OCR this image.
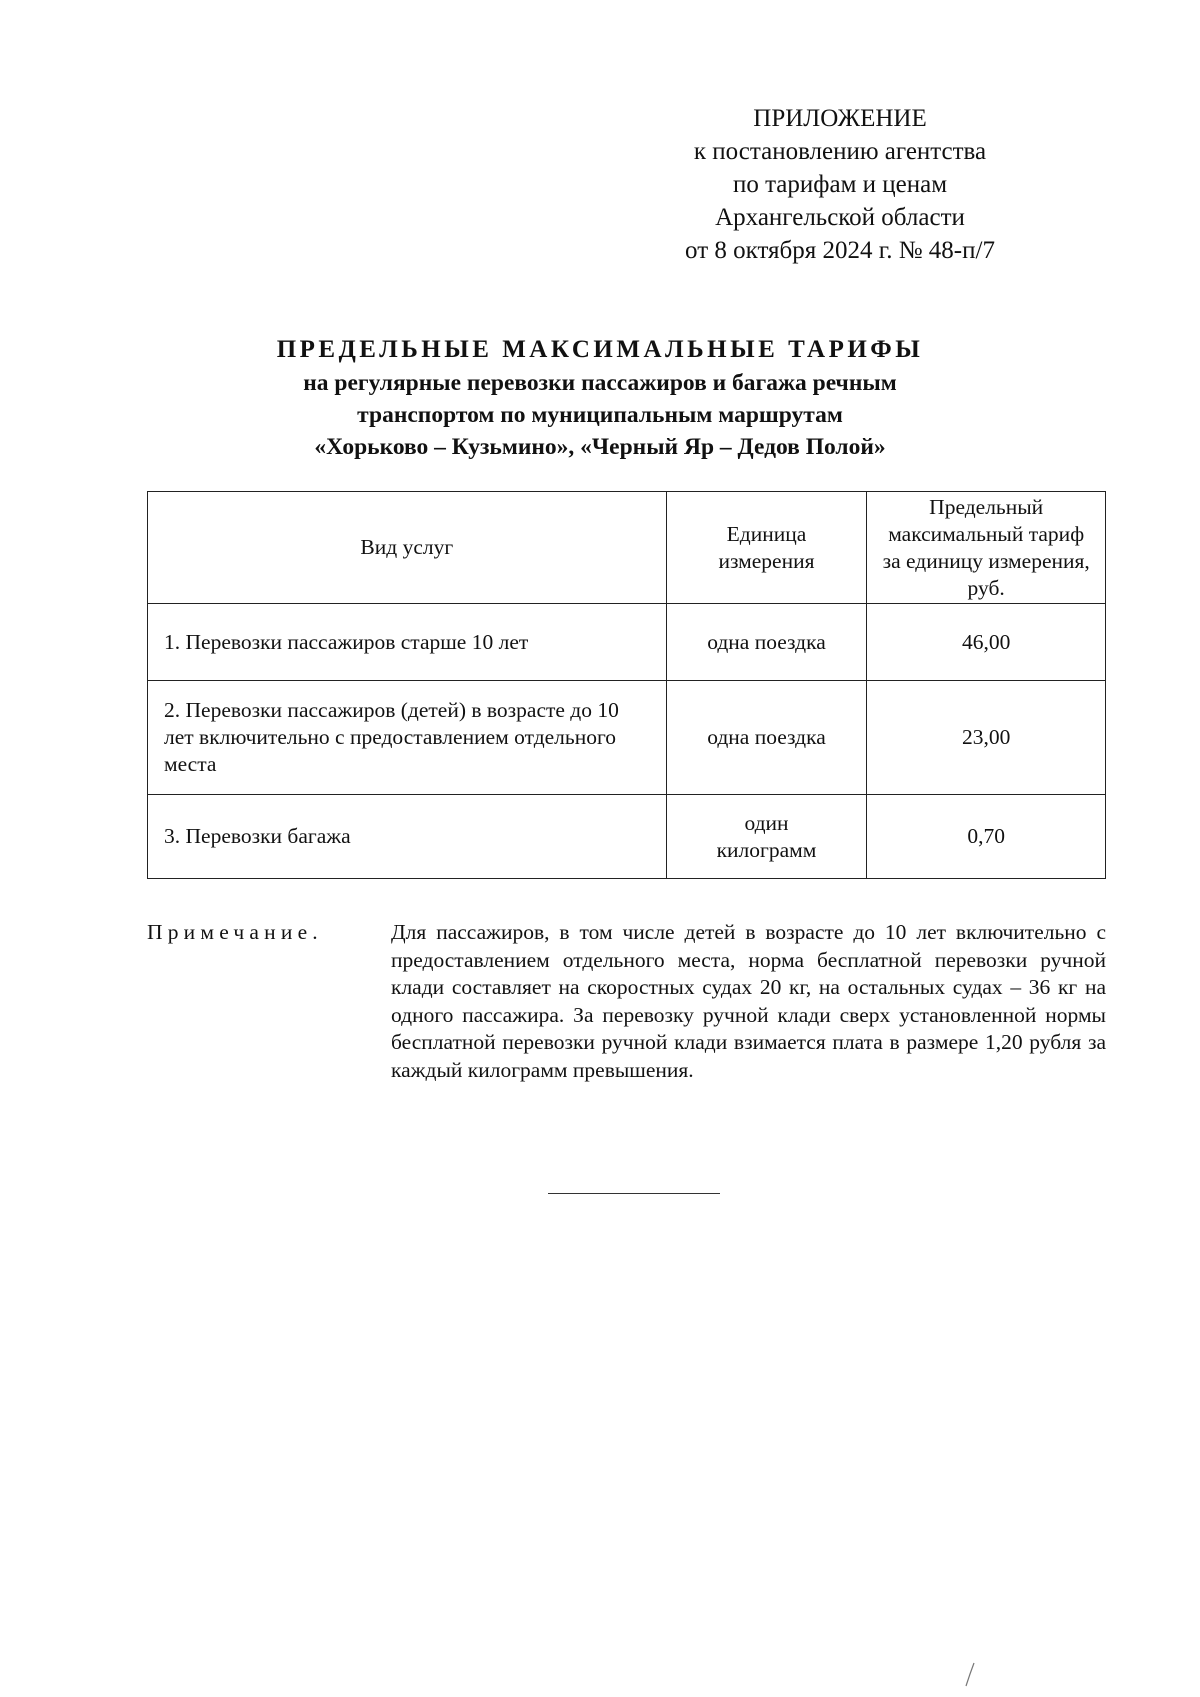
ПРИЛОЖЕНИЕ
к постановлению агентства
по тарифам и ценам
Архангельской области
от 8 октября 2024 г. № 48-п/7
ПРЕДЕЛЬНЫЕ МАКСИМАЛЬНЫЕ ТАРИФЫ
на регулярные перевозки пассажиров и багажа речным
транспортом по муниципальным маршрутам
«Хорьково – Кузьмино», «Черный Яр – Дедов Полой»
Вид услуг	Единица измерения	Предельный максимальный тариф за единицу измерения, руб.
1. Перевозки пассажиров старше 10 лет	одна поездка	46,00
2. Перевозки пассажиров (детей) в возрасте до 10 лет включительно с предоставлением отдельного места	одна поездка	23,00
3. Перевозки багажа	один килограмм	0,70
Примечание.	Для пассажиров, в том числе детей в возрасте до 10 лет включительно с предоставлением отдельного места, норма бесплатной перевозки ручной клади составляет на скоростных судах 20 кг, на остальных судах – 36 кг на одного пассажира. За перевозку ручной клади сверх установленной нормы бесплатной перевозки ручной клади взимается плата в размере 1,20 рубля за каждый килограмм превышения.
